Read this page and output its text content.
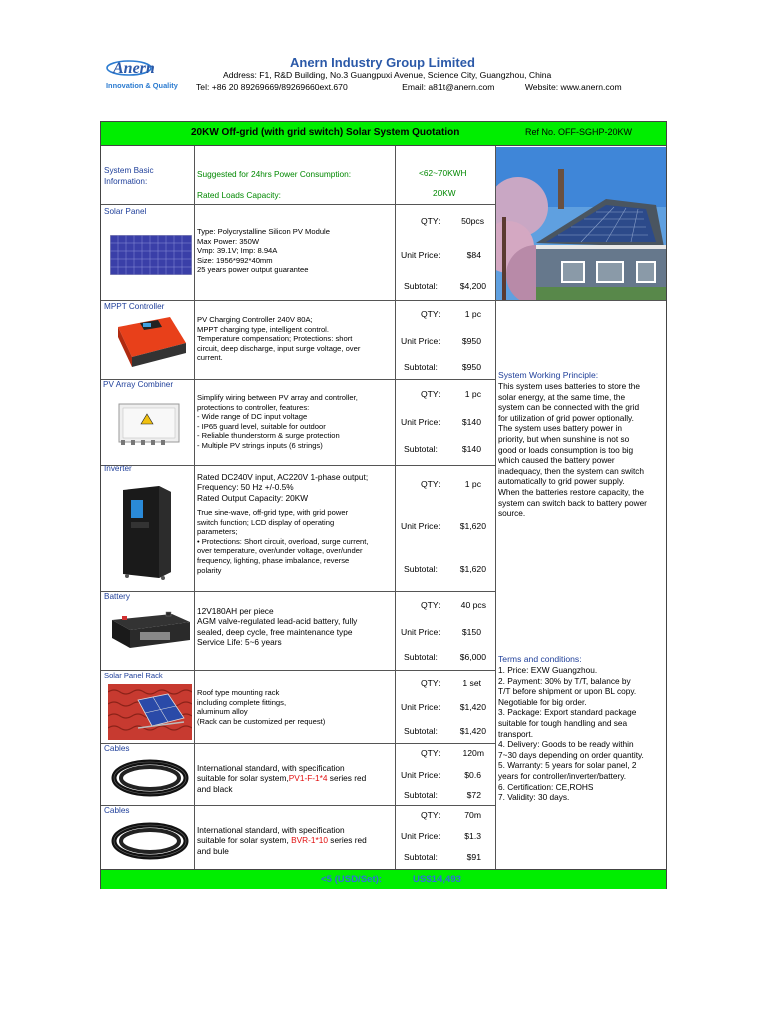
Anern
Innovation & Quality
Anern Industry Group Limited
Address: F1, R&D Building, No.3 Guangpuxi Avenue, Science City, Guangzhou, China
Tel: +86 20 89269669/89269660ext.670	Email: a81t@anern.com	Website: www.anern.com
20KW Off-grid (with grid switch) Solar System Quotation	Ref No. OFF-SGHP-20KW
System Basic Information:
Suggested for 24hrs Power Consumption:	<62~70KWH
Rated Loads Capacity:	20KW
Solar Panel
Type: Polycrystalline Silicon PV Module
Max Power: 350W
Vmp: 39.1V; Imp: 8.94A
Size: 1956*992*40mm
25 years power output guarantee
QTY:	50pcs
Unit Price:	$84
Subtotal:	$4,200
MPPT Controller
PV Charging Controller 240V 80A;
MPPT charging type, intelligent control.
Temperature compensation; Protections: short
circuit, deep discharge, input surge voltage, over
current.
QTY:	1 pc
Unit Price:	$950
Subtotal:	$950
PV Array Combiner
Simplify wiring between PV array and controller,
protections to controller, features:
- Wide range of DC input voltage
- IP65 guard level, suitable for outdoor
- Reliable thunderstorm & surge protection
- Multiple PV strings inputs (6 strings)
QTY:	1 pc
Unit Price:	$140
Subtotal:	$140
Inverter
Rated DC240V input, AC220V 1-phase output;
Frequency: 50 Hz +/-0.5%
Rated Output Capacity: 20KW
True sine-wave, off-grid type, with grid power
switch function; LCD display of operating
parameters;
• Protections: Short circuit, overload, surge current,
over temperature, over/under voltage, over/under
frequency, lighting, phase imbalance, reverse
polarity
QTY:	1 pc
Unit Price:	$1,620
Subtotal:	$1,620
Battery
12V180AH per piece
AGM valve-regulated lead-acid battery, fully
sealed, deep cycle, free maintenance type
Service Life: 5~6 years
QTY:	40 pcs
Unit Price:	$150
Subtotal:	$6,000
Solar Panel Rack
Roof type mounting rack
including complete fittings,
aluminum alloy
(Rack can be customized per request)
QTY:	1 set
Unit Price:	$1,420
Subtotal:	$1,420
Cables
International standard, with specification
suitable for solar system,PV1-F-1*4 series red
and black
QTY:	120m
Unit Price:	$0.6
Subtotal:	$72
Cables
International standard, with specification
suitable for solar system, BVR-1*10 series red
and bule
QTY:	70m
Unit Price:	$1.3
Subtotal:	$91
System Working Principle:
This system uses batteries to store the
solar energy, at the same time, the
system can be connected with the grid
for utilization of grid power optionally.
The system uses battery power in
priority, but when sunshine is not so
good or loads consumption is too big
which caused the battery power
inadequacy, then the system can switch
automatically to grid power supply.
When the batteries restore capacity, the
system can switch back to battery power
source.
Terms and conditions:
1. Price: EXW Guangzhou.
2. Payment: 30% by T/T, balance by
T/T before shipment or upon BL copy.
Negotiable for big order.
3. Package: Export standard package
suitable for tough handling and sea
transport.
4. Delivery: Goods to be ready within
7~30 days depending on order quantity.
5. Warranty: 5 years for solar panel, 2
years for controller/inverter/battery.
6. Certification: CE,ROHS
7. Validity: 30 days.
<5 (USD/Set):	US$14,493
